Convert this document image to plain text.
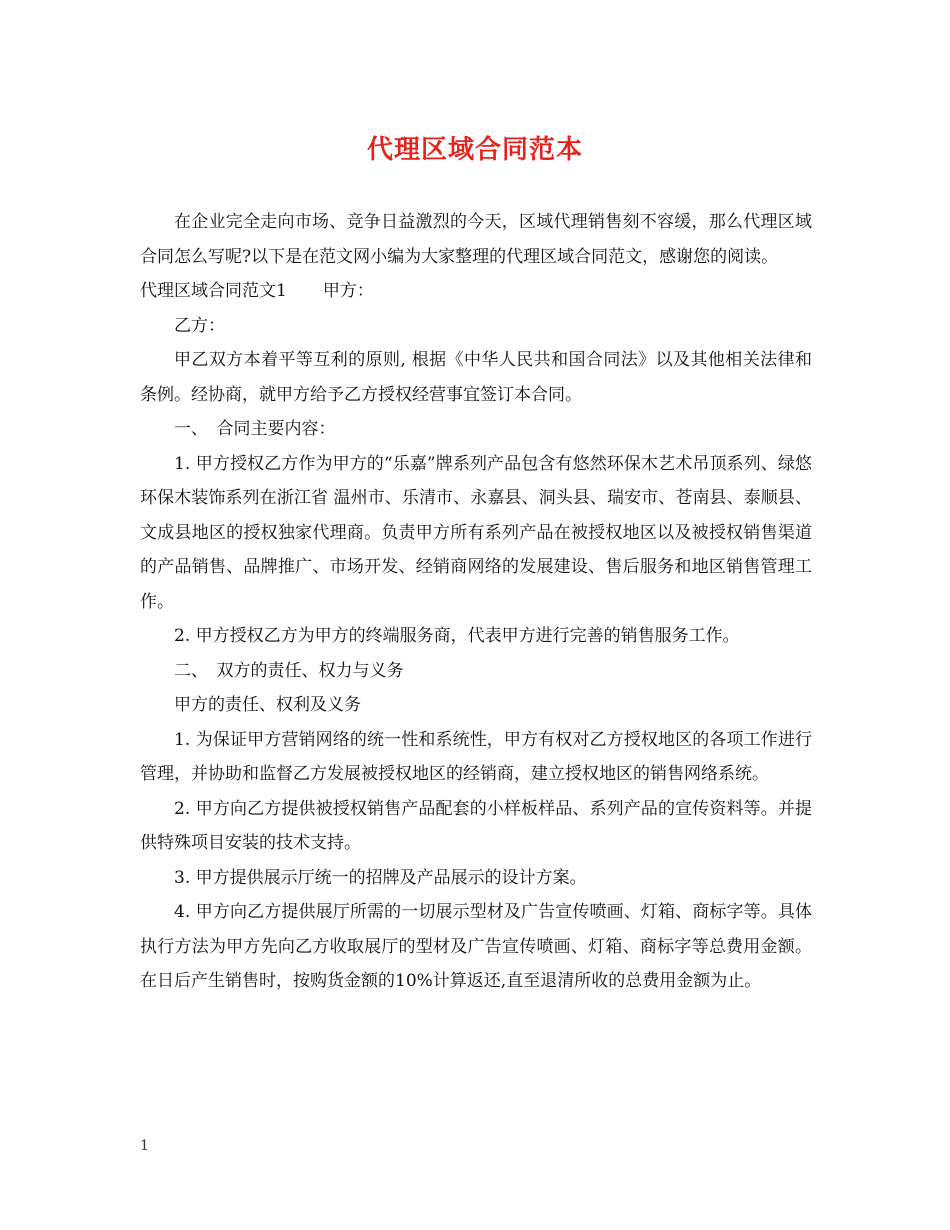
代理区域合同范本

在企业完全走向市场、竞争日益激烈的今天，区域代理销售刻不容缓，那么代理区域合同怎么写呢?以下是在范文网小编为大家整理的代理区域合同范文，感谢您的阅读。

代理区域合同范文1 甲方：

乙方：

甲乙双方本着平等互利的原则, 根据《中华人民共和国合同法》以及其他相关法律和条例。经协商，就甲方给予乙方授权经营事宜签订本合同。

一、　合同主要内容：

1. 甲方授权乙方作为甲方的“乐嘉”牌系列产品包含有悠然环保木艺术吊顶系列、绿悠环保木装饰系列在浙江省 温州市、乐清市、永嘉县、洞头县、瑞安市、苍南县、泰顺县、文成县地区的授权独家代理商。负责甲方所有系列产品在被授权地区以及被授权销售渠道的产品销售、品牌推广、市场开发、经销商网络的发展建设、售后服务和地区销售管理工作。

2. 甲方授权乙方为甲方的终端服务商，代表甲方进行完善的销售服务工作。

二、　双方的责任、权力与义务

甲方的责任、权利及义务

1. 为保证甲方营销网络的统一性和系统性，甲方有权对乙方授权地区的各项工作进行管理，并协助和监督乙方发展被授权地区的经销商，建立授权地区的销售网络系统。

2. 甲方向乙方提供被授权销售产品配套的小样板样品、系列产品的宣传资料等。并提供特殊项目安装的技术支持。

3. 甲方提供展示厅统一的招牌及产品展示的设计方案。

4. 甲方向乙方提供展厅所需的一切展示型材及广告宣传喷画、灯箱、商标字等。具体执行方法为甲方先向乙方收取展厅的型材及广告宣传喷画、灯箱、商标字等总费用金额。在日后产生销售时，按购货金额的10%计算返还,直至退清所收的总费用金额为止。

1
